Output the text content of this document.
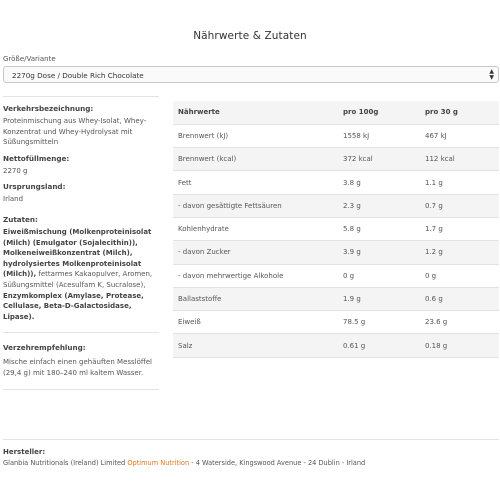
Nährwerte & Zutaten
Größe/Variante
2270g Dose / Double Rich Chocolate	▲
▼
Verkehrsbezeichnung:
Proteinmischung aus Whey-Isolat, Whey-Konzentrat und Whey-Hydrolysat mit Süßungsmitteln
Nettofüllmenge:
2270 g
Ursprungsland:
Irland
Zutaten:
Eiweißmischung (Molkenproteinisolat (Milch) (Emulgator (Sojalecithin)), Molkeneiweißkonzentrat (Milch), hydrolysiertes Molkenproteinisolat (Milch)), fettarmes Kakaopulver, Aromen, Süßungsmittel (Acesulfam K, Sucralose), Enzymkomplex (Amylase, Protease, Cellulase, Beta-D-Galactosidase, Lipase).
Verzehrempfehlung:
Mische einfach einen gehäuften Messlöffel (29,4 g) mit 180–240 ml kaltem Wasser.
Nährwerte	pro 100g	pro 30 g
Brennwert (kJ)	1558 kJ	467 kJ
Brennwert (kcal)	372 kcal	112 kcal
Fett	3.8 g	1.1 g
- davon gesättigte Fettsäuren	2.3 g	0.7 g
Kohlenhydrate	5.8 g	1.7 g
- davon Zucker	3.9 g	1.2 g
- davon mehrwertige Alkohole	0 g	0 g
Ballaststoffe	1.9 g	0.6 g
Eiweiß	78.5 g	23.6 g
Salz	0.61 g	0.18 g
Hersteller:
Glanbia Nutritionals (Ireland) Limited Optimum Nutrition - 4 Waterside, Kingswood Avenue - 24 Dublin - Irland
